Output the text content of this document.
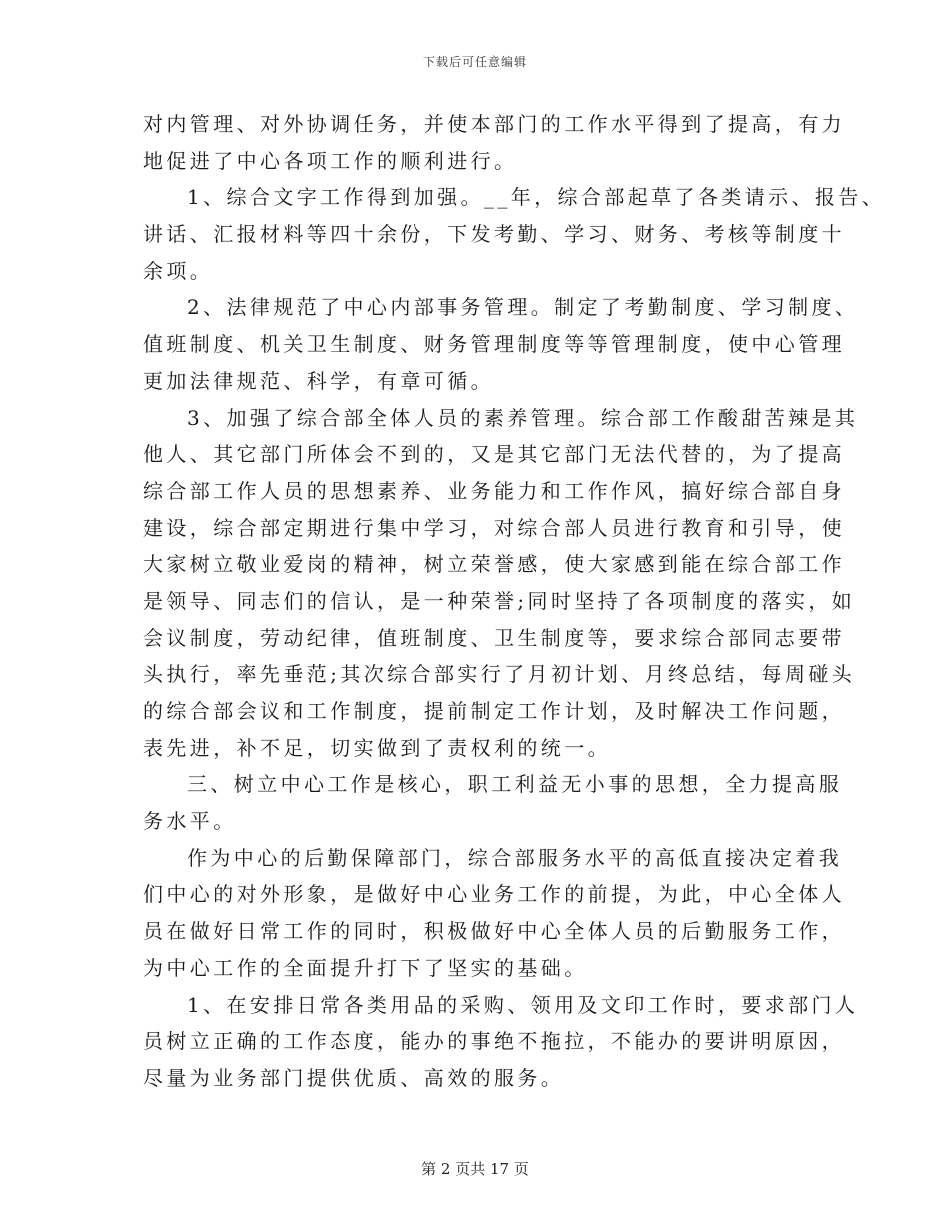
下载后可任意编辑
对内管理、对外协调任务，并使本部门的工作水平得到了提高，有力
地促进了中心各项工作的顺利进行。
1、综合文字工作得到加强。__年，综合部起草了各类请示、报告、
讲话、汇报材料等四十余份，下发考勤、学习、财务、考核等制度十
余项。
2、法律规范了中心内部事务管理。制定了考勤制度、学习制度、
值班制度、机关卫生制度、财务管理制度等等管理制度，使中心管理
更加法律规范、科学，有章可循。
3、加强了综合部全体人员的素养管理。综合部工作酸甜苦辣是其
他人、其它部门所体会不到的，又是其它部门无法代替的，为了提高
综合部工作人员的思想素养、业务能力和工作作风，搞好综合部自身
建设，综合部定期进行集中学习，对综合部人员进行教育和引导，使
大家树立敬业爱岗的精神，树立荣誉感，使大家感到能在综合部工作
是领导、同志们的信认，是一种荣誉;同时坚持了各项制度的落实，如
会议制度，劳动纪律，值班制度、卫生制度等，要求综合部同志要带
头执行，率先垂范;其次综合部实行了月初计划、月终总结，每周碰头
的综合部会议和工作制度，提前制定工作计划，及时解决工作问题，
表先进，补不足，切实做到了责权利的统一。
三、树立中心工作是核心，职工利益无小事的思想，全力提高服
务水平。
作为中心的后勤保障部门，综合部服务水平的高低直接决定着我
们中心的对外形象，是做好中心业务工作的前提，为此，中心全体人
员在做好日常工作的同时，积极做好中心全体人员的后勤服务工作，
为中心工作的全面提升打下了坚实的基础。
1、在安排日常各类用品的采购、领用及文印工作时，要求部门人
员树立正确的工作态度，能办的事绝不拖拉，不能办的要讲明原因，
尽量为业务部门提供优质、高效的服务。
第 2 页共 17 页
